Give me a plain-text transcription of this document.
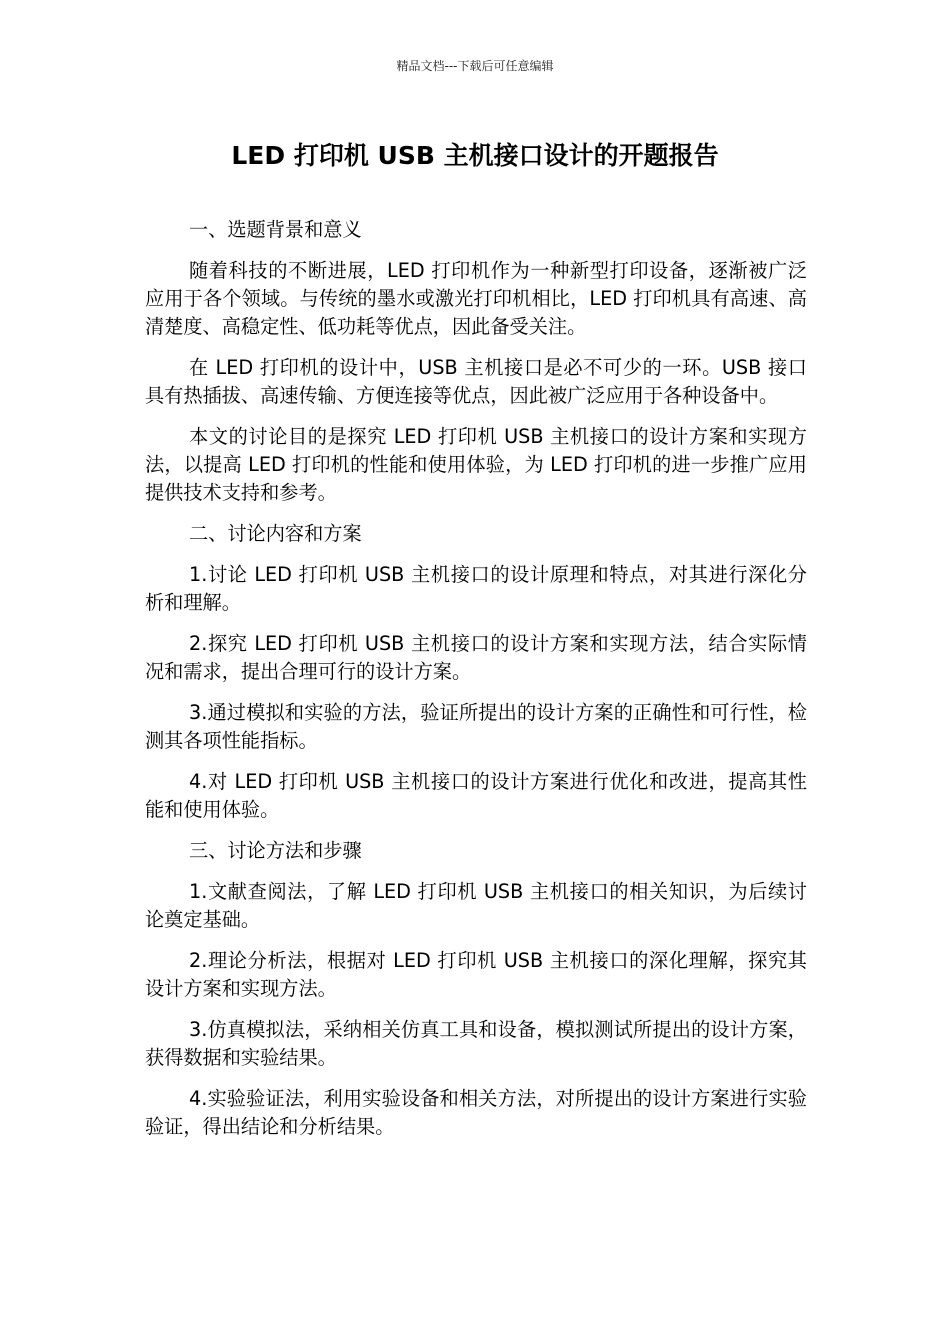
精品文档---下载后可任意编辑
LED 打印机 USB 主机接口设计的开题报告

一、选题背景和意义

随着科技的不断进展，LED 打印机作为一种新型打印设备，逐渐被广泛应用于各个领域。与传统的墨水或激光打印机相比，LED 打印机具有高速、高清楚度、高稳定性、低功耗等优点，因此备受关注。

在 LED 打印机的设计中，USB 主机接口是必不可少的一环。USB 接口具有热插拔、高速传输、方便连接等优点，因此被广泛应用于各种设备中。

本文的讨论目的是探究 LED 打印机 USB 主机接口的设计方案和实现方法，以提高 LED 打印机的性能和使用体验，为 LED 打印机的进一步推广应用提供技术支持和参考。

二、讨论内容和方案

1.讨论 LED 打印机 USB 主机接口的设计原理和特点，对其进行深化分析和理解。

2.探究 LED 打印机 USB 主机接口的设计方案和实现方法，结合实际情况和需求，提出合理可行的设计方案。

3.通过模拟和实验的方法，验证所提出的设计方案的正确性和可行性，检测其各项性能指标。

4.对 LED 打印机 USB 主机接口的设计方案进行优化和改进，提高其性能和使用体验。

三、讨论方法和步骤

1.文献查阅法，了解 LED 打印机 USB 主机接口的相关知识，为后续讨论奠定基础。

2.理论分析法，根据对 LED 打印机 USB 主机接口的深化理解，探究其设计方案和实现方法。

3.仿真模拟法，采纳相关仿真工具和设备，模拟测试所提出的设计方案，获得数据和实验结果。

4.实验验证法，利用实验设备和相关方法，对所提出的设计方案进行实验验证，得出结论和分析结果。
